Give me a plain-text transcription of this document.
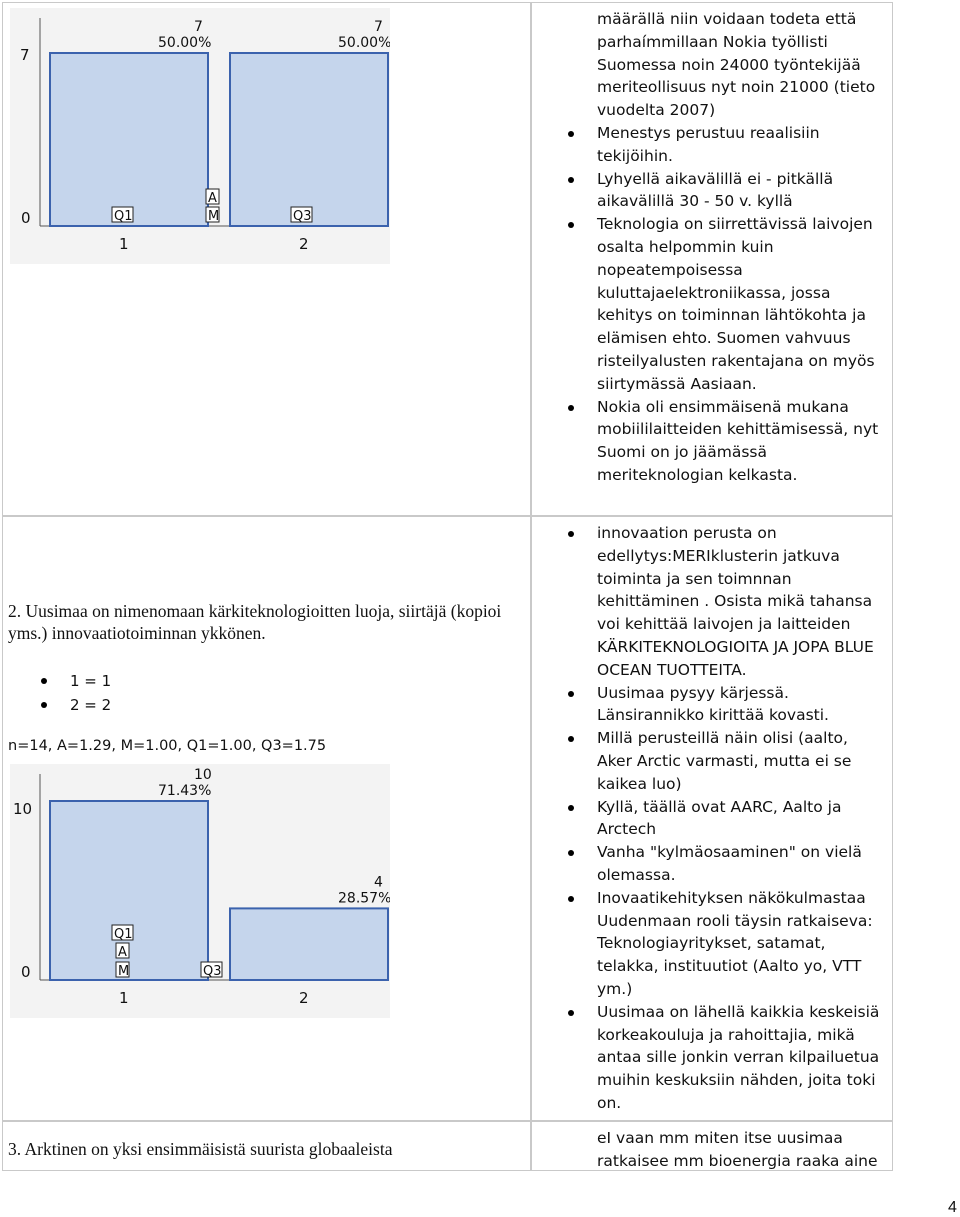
7
0
7
50.00%
1
7
50.00%
2
Q1
A
M	Q3
määrällä niin voidaan todeta että parhaímmillaan Nokia työllisti Suomessa noin 24000 työntekijää meriteollisuus nyt noin 21000 (tieto vuodelta 2007)
Menestys perustuu reaalisiin tekijöihin.
Lyhyellä aikavälillä ei - pitkällä aikavälillä 30 - 50 v. kyllä
Teknologia on siirrettävissä laivojen osalta helpommin kuin nopeatempoisessa kuluttajaelektroniikassa, jossa kehitys on toiminnan lähtökohta ja elämisen ehto. Suomen vahvuus risteilyalusten rakentajana on myös siirtymässä Aasiaan.
Nokia oli ensimmäisenä mukana mobiililaitteiden kehittämisessä, nyt Suomi on jo jäämässä meriteknologian kelkasta.
2. Uusimaa on nimenomaan kärkiteknologioitten luoja, siirtäjä (kopioi yms.) innovaatiotoiminnan ykkönen.
1 = 1
2 = 2
n=14, A=1.29, M=1.00, Q1=1.00, Q3=1.75
10
0
10
71.43%
1
4
28.57%
2
Q1
A
M	Q3
innovaation perusta on edellytys:MERIklusterin jatkuva toiminta ja sen toimnnan kehittäminen . Osista mikä tahansa voi kehittää laivojen ja laitteiden KÄRKITEKNOLOGIOITA JA JOPA BLUE OCEAN TUOTTEITA.
Uusimaa pysyy kärjessä. Länsirannikko kirittää kovasti.
Millä perusteillä näin olisi (aalto, Aker Arctic varmasti, mutta ei se kaikea luo)
Kyllä, täällä ovat AARC, Aalto ja Arctech
Vanha "kylmäosaaminen" on vielä olemassa.
Inovaatikehityksen näkökulmastaa Uudenmaan rooli täysin ratkaiseva: Teknologiayritykset, satamat, telakka, instituutiot (Aalto yo, VTT ym.)
Uusimaa on lähellä kaikkia keskeisiä korkeakouluja ja rahoittajia, mikä antaa sille jonkin verran kilpailuetua muihin keskuksiin nähden, joita toki on.
3. Arktinen on yksi ensimmäisistä suurista globaaleista
eI vaan mm miten itse uusimaa ratkaisee mm bioenergia raaka aine
4
